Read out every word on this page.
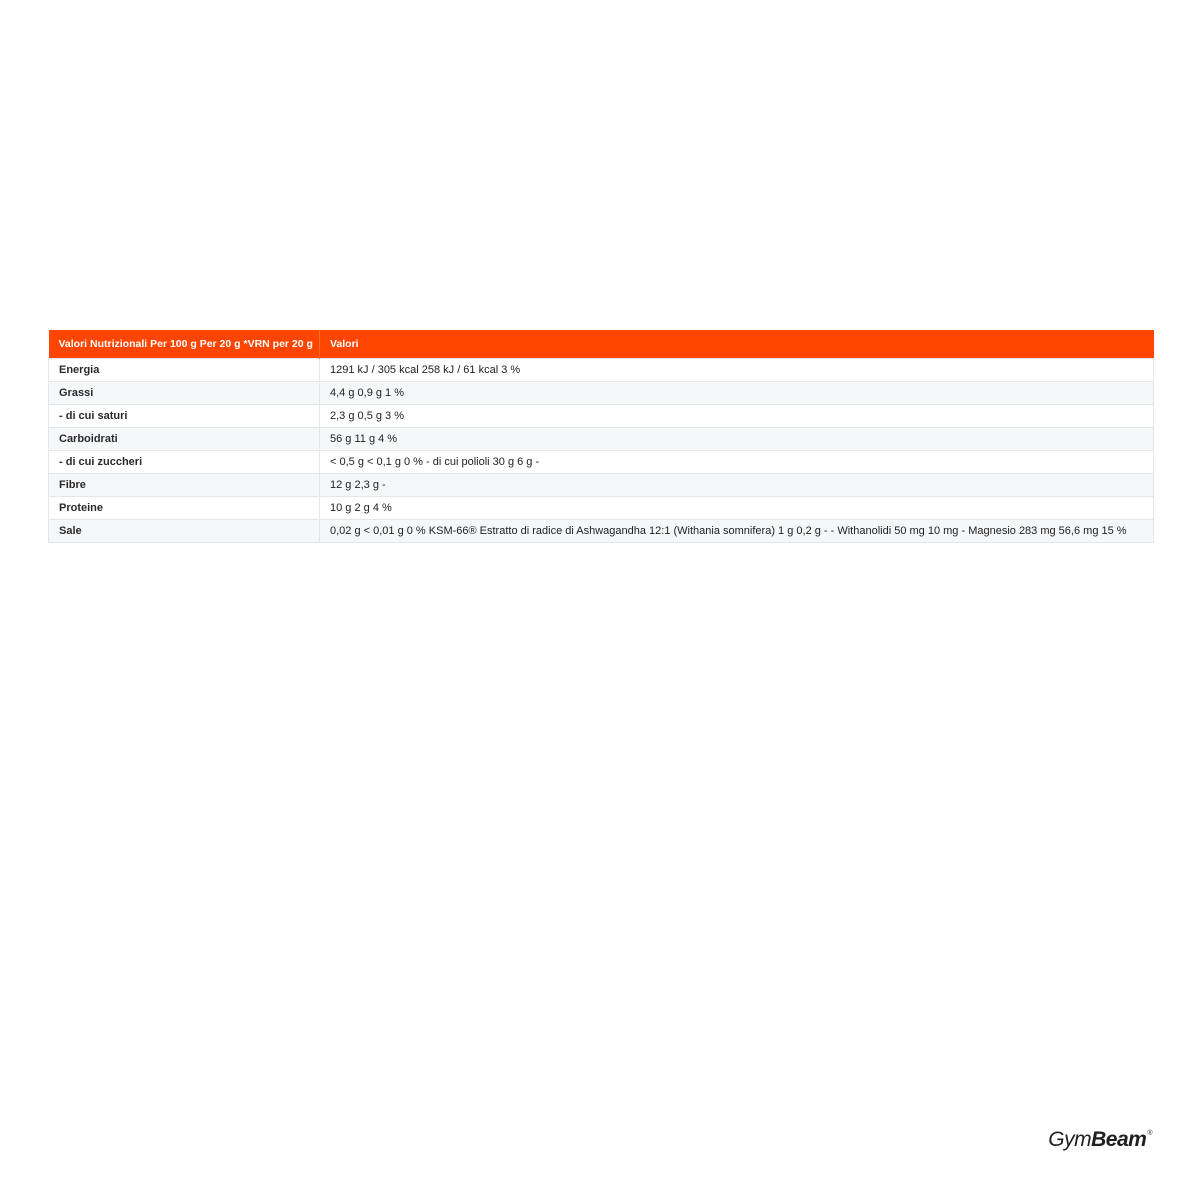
Valori Nutrizionali Per 100 g Per 20 g *VRN per 20 g	Valori
Energia	1291 kJ / 305 kcal 258 kJ / 61 kcal 3 %
Grassi	4,4 g 0,9 g 1 %
- di cui saturi	2,3 g 0,5 g 3 %
Carboidrati	56 g 11 g 4 %
- di cui zuccheri	< 0,5 g < 0,1 g 0 % - di cui polioli 30 g 6 g -
Fibre	12 g 2,3 g -
Proteine	10 g 2 g 4 %
Sale	0,02 g < 0,01 g 0 % KSM-66® Estratto di radice di Ashwagandha 12:1 (Withania somnifera) 1 g 0,2 g - - Withanolidi 50 mg 10 mg - Magnesio 283 mg 56,6 mg 15 %
GymBeam®
